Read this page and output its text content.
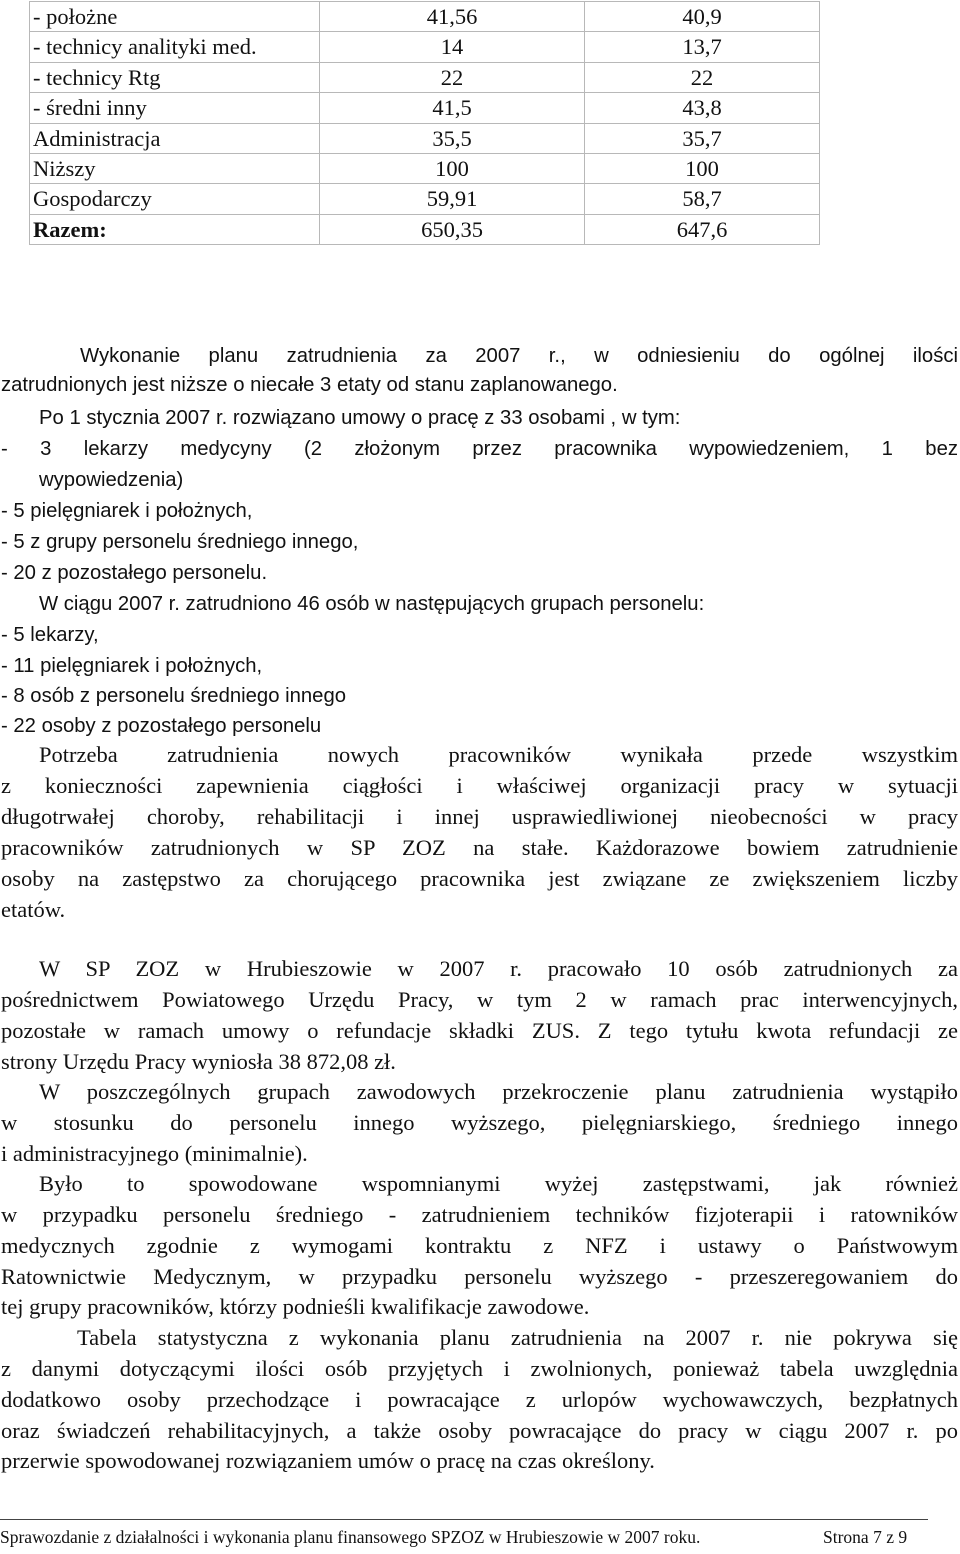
- położne	41,56	40,9
- technicy analityki med.	14	13,7
- technicy Rtg	22	22
- średni inny	41,5	43,8
Administracja	35,5	35,7
Niższy	100	100
Gospodarczy	59,91	58,7
Razem:	650,35	647,6
Wykonanie planu zatrudnienia za 2007 r., w odniesieniu do ogólnej ilości
zatrudnionych jest niższe o niecałe 3 etaty od stanu zaplanowanego.
Po 1 stycznia 2007 r. rozwiązano umowy o pracę z 33 osobami , w tym:
- 3 lekarzy medycyny (2 złożonym przez pracownika wypowiedzeniem, 1 bez
wypowiedzenia)
- 5 pielęgniarek i położnych,
- 5 z grupy personelu średniego innego,
- 20 z pozostałego personelu.
W ciągu 2007 r. zatrudniono 46 osób w następujących grupach personelu:
- 5 lekarzy,
- 11 pielęgniarek i położnych,
- 8 osób z personelu średniego innego
- 22 osoby z pozostałego personelu
Potrzeba zatrudnienia nowych pracowników wynikała przede wszystkim
z konieczności zapewnienia ciągłości i właściwej organizacji pracy w sytuacji
długotrwałej choroby, rehabilitacji i innej usprawiedliwionej nieobecności w pracy
pracowników zatrudnionych w SP ZOZ na stałe. Każdorazowe bowiem zatrudnienie
osoby na zastępstwo za chorującego pracownika jest związane ze zwiększeniem liczby
etatów.
W SP ZOZ w Hrubieszowie w 2007 r. pracowało 10 osób zatrudnionych za
pośrednictwem Powiatowego Urzędu Pracy, w tym 2 w ramach prac interwencyjnych,
pozostałe w ramach umowy o refundacje składki ZUS. Z tego tytułu kwota refundacji ze
strony Urzędu Pracy wyniosła 38 872,08 zł.
W poszczególnych grupach zawodowych przekroczenie planu zatrudnienia wystąpiło
w stosunku do personelu innego wyższego, pielęgniarskiego, średniego innego
i administracyjnego (minimalnie).
Było to spowodowane wspomnianymi wyżej zastępstwami, jak również
w przypadku personelu średniego - zatrudnieniem techników fizjoterapii i ratowników
medycznych zgodnie z wymogami kontraktu z NFZ i ustawy o Państwowym
Ratownictwie Medycznym, w przypadku personelu wyższego - przeszeregowaniem do
tej grupy pracowników, którzy podnieśli kwalifikacje zawodowe.
Tabela statystyczna z wykonania planu zatrudnienia na 2007 r. nie pokrywa się
z danymi dotyczącymi ilości osób przyjętych i zwolnionych, ponieważ tabela uwzględnia
dodatkowo osoby przechodzące i powracające z urlopów wychowawczych, bezpłatnych
oraz świadczeń rehabilitacyjnych, a także osoby powracające do pracy w ciągu 2007 r. po
przerwie spowodowanej rozwiązaniem umów o pracę na czas określony.
Sprawozdanie z działalności i wykonania planu finansowego SPZOZ w Hrubieszowie w 2007 roku.	Strona 7 z 9
